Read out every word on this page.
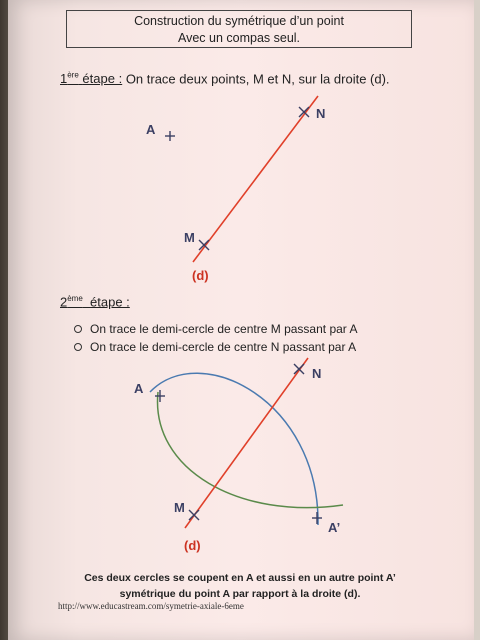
Construction du symétrique d’un point
Avec un compas seul.
1ère étape : On trace deux points, M et N, sur la droite (d).
A
N
M
(d)
A
N
M
A’
(d)
2ème étape :
On trace le demi-cercle de centre M passant par A
On trace le demi-cercle de centre N passant par A
Ces deux cercles se coupent en A et aussi en un autre point A’
symétrique du point A par rapport à la droite (d).
http://www.educastream.com/symetrie-axiale-6eme
